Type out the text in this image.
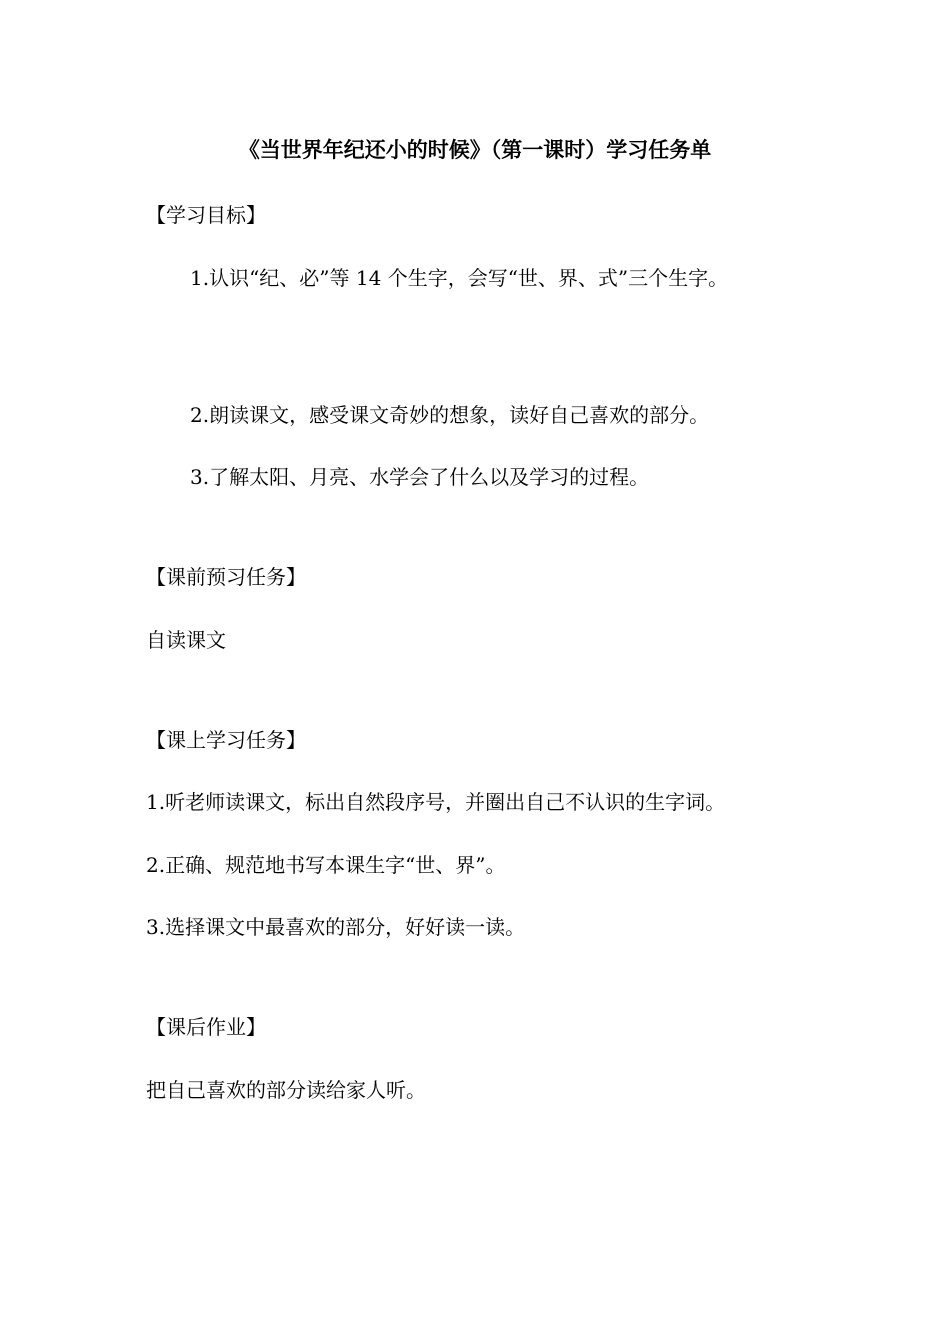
《当世界年纪还小的时候》（第一课时）学习任务单
【学习目标】
1.认识“纪、必”等 14 个生字，会写“世、界、式”三个生字。
2.朗读课文，感受课文奇妙的想象，读好自己喜欢的部分。
3.了解太阳、月亮、水学会了什么以及学习的过程。
【课前预习任务】
自读课文
【课上学习任务】
1.听老师读课文，标出自然段序号，并圈出自己不认识的生字词。
2.正确、规范地书写本课生字“世、界”。
3.选择课文中最喜欢的部分，好好读一读。
【课后作业】
把自己喜欢的部分读给家人听。
